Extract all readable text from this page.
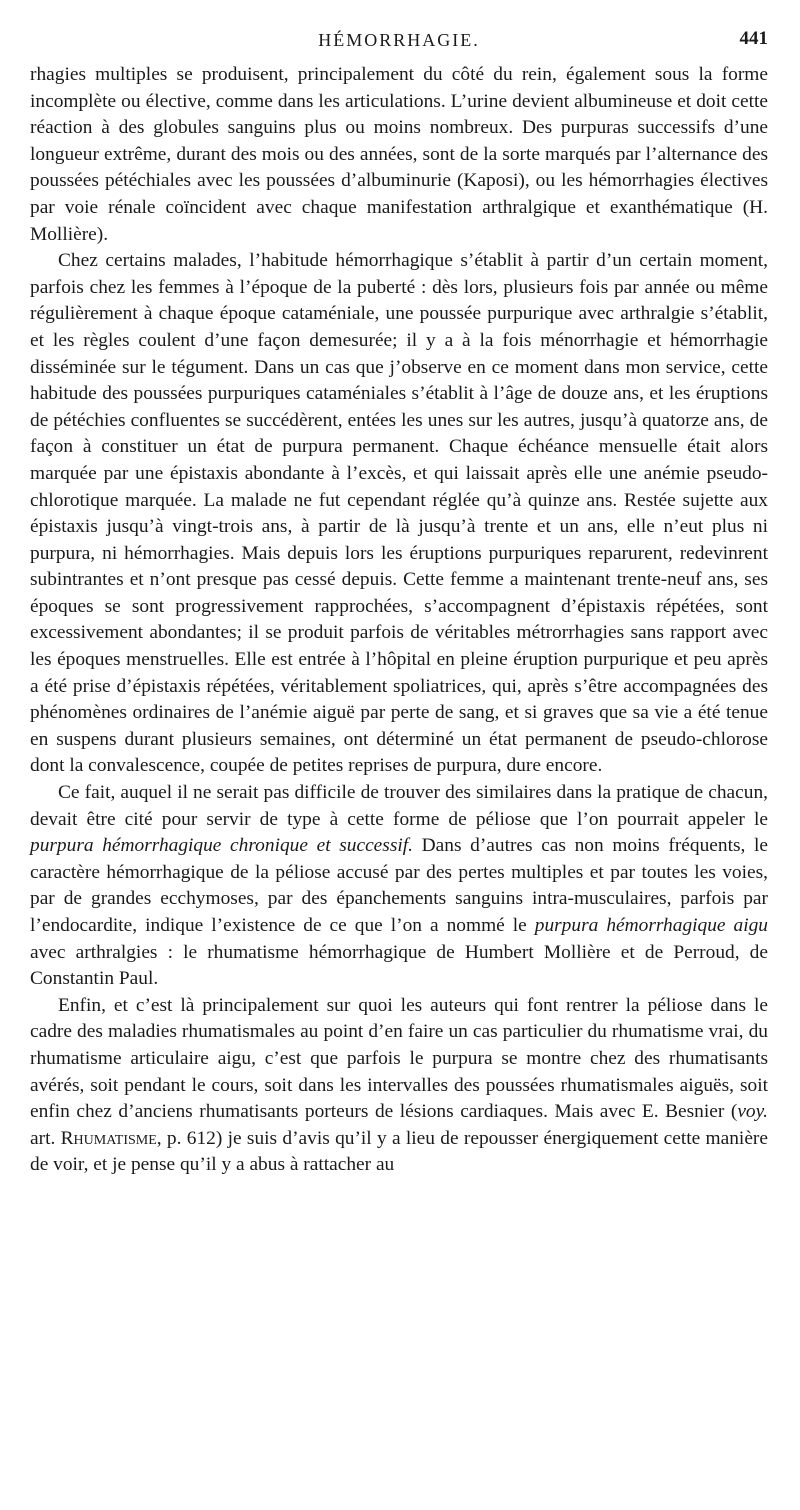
HÉMORRHAGIE.	441

rhagies multiples se produisent, principalement du côté du rein, également sous la forme incomplète ou élective, comme dans les articulations. L’urine devient albumineuse et doit cette réaction à des globules sanguins plus ou moins nombreux. Des purpuras successifs d’une longueur extrême, durant des mois ou des années, sont de la sorte marqués par l’alternance des poussées pétéchiales avec les poussées d’albuminurie (Kaposi), ou les hémorrhagies électives par voie rénale coïncident avec chaque manifestation arthralgique et exanthématique (H. Mollière).

Chez certains malades, l’habitude hémorrhagique s’établit à partir d’un certain moment, parfois chez les femmes à l’époque de la puberté : dès lors, plusieurs fois par année ou même régulièrement à chaque époque cataméniale, une poussée purpurique avec arthralgie s’établit, et les règles coulent d’une façon demesurée; il y a à la fois ménorrhagie et hémorrhagie disséminée sur le tégument. Dans un cas que j’observe en ce moment dans mon service, cette habitude des poussées purpuriques cataméniales s’établit à l’âge de douze ans, et les éruptions de pétéchies confluentes se succédèrent, entées les unes sur les autres, jusqu’à quatorze ans, de façon à constituer un état de purpura permanent. Chaque échéance mensuelle était alors marquée par une épistaxis abondante à l’excès, et qui laissait après elle une anémie pseudo-chlorotique marquée. La malade ne fut cependant réglée qu’à quinze ans. Restée sujette aux épistaxis jusqu’à vingt-trois ans, à partir de là jusqu’à trente et un ans, elle n’eut plus ni purpura, ni hémorrhagies. Mais depuis lors les éruptions purpuriques reparurent, redevinrent subintrantes et n’ont presque pas cessé depuis. Cette femme a maintenant trente-neuf ans, ses époques se sont progressivement rapprochées, s’accompagnent d’épistaxis répétées, sont excessivement abondantes; il se produit parfois de véritables métrorrhagies sans rapport avec les époques menstruelles. Elle est entrée à l’hôpital en pleine éruption purpurique et peu après a été prise d’épistaxis répétées, véritablement spoliatrices, qui, après s’être accompagnées des phénomènes ordinaires de l’anémie aiguë par perte de sang, et si graves que sa vie a été tenue en suspens durant plusieurs semaines, ont déterminé un état permanent de pseudo-chlorose dont la convalescence, coupée de petites reprises de purpura, dure encore.

Ce fait, auquel il ne serait pas difficile de trouver des similaires dans la pratique de chacun, devait être cité pour servir de type à cette forme de péliose que l’on pourrait appeler le purpura hémorrhagique chronique et successif. Dans d’autres cas non moins fréquents, le caractère hémorrhagique de la péliose accusé par des pertes multiples et par toutes les voies, par de grandes ecchymoses, par des épanchements sanguins intra-musculaires, parfois par l’endocardite, indique l’existence de ce que l’on a nommé le purpura hémorrhagique aigu avec arthralgies : le rhumatisme hémorrhagique de Humbert Mollière et de Perroud, de Constantin Paul.

Enfin, et c’est là principalement sur quoi les auteurs qui font rentrer la péliose dans le cadre des maladies rhumatismales au point d’en faire un cas particulier du rhumatisme vrai, du rhumatisme articulaire aigu, c’est que parfois le purpura se montre chez des rhumatisants avérés, soit pendant le cours, soit dans les intervalles des poussées rhumatismales aiguës, soit enfin chez d’anciens rhumatisants porteurs de lésions cardiaques. Mais avec E. Besnier (voy. art. Rhumatisme, p. 612) je suis d’avis qu’il y a lieu de repousser énergiquement cette manière de voir, et je pense qu’il y a abus à rattacher au
